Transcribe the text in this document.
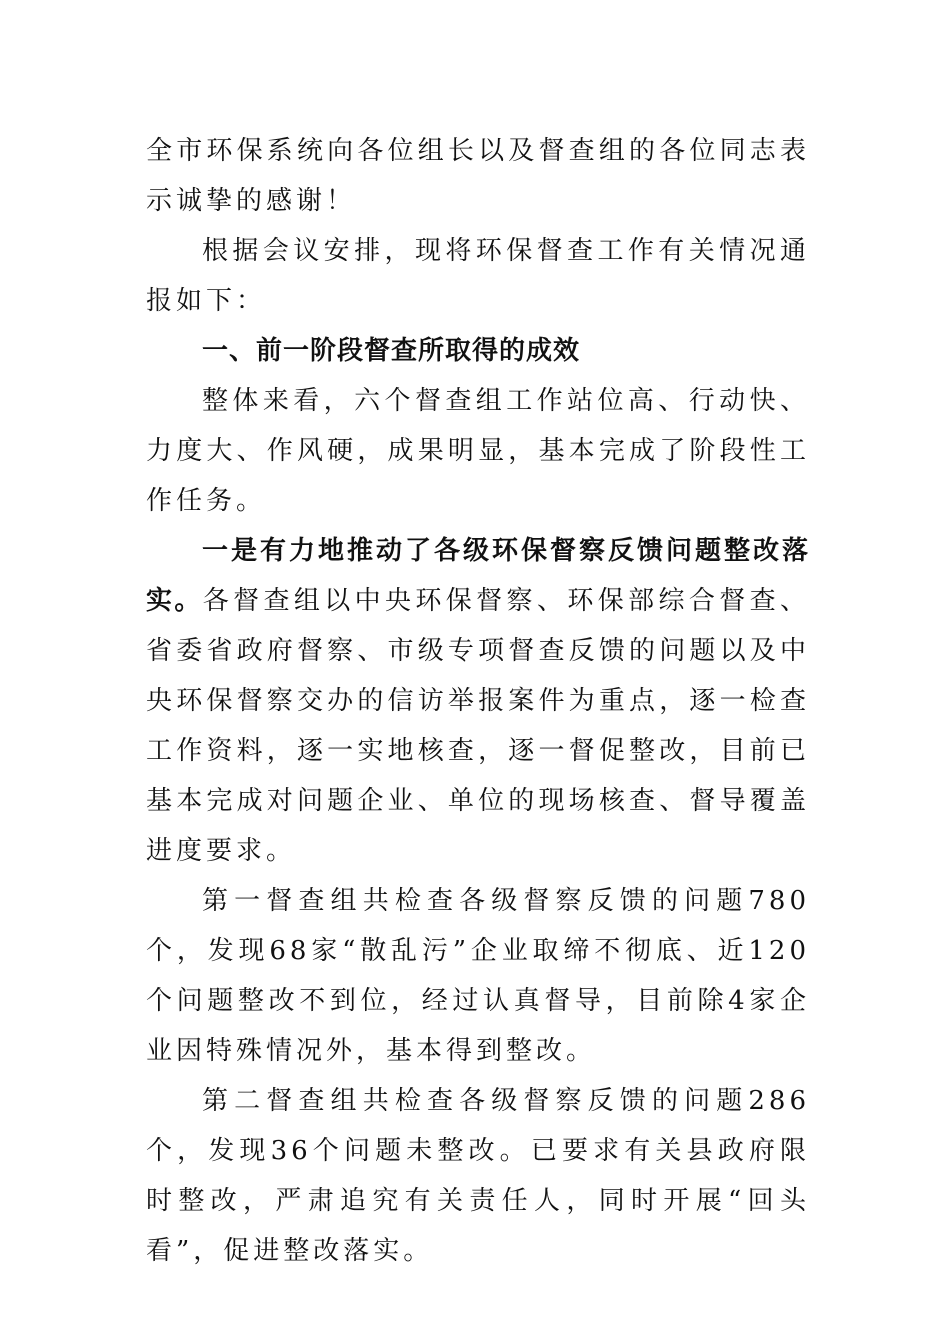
全市环保系统向各位组长以及督查组的各位同志表示诚挚的感谢！

根据会议安排，现将环保督查工作有关情况通报如下：

一、前一阶段督查所取得的成效

整体来看，六个督查组工作站位高、行动快、力度大、作风硬，成果明显，基本完成了阶段性工作任务。

一是有力地推动了各级环保督察反馈问题整改落实。各督查组以中央环保督察、环保部综合督查、省委省政府督察、市级专项督查反馈的问题以及中央环保督察交办的信访举报案件为重点，逐一检查工作资料，逐一实地核查，逐一督促整改，目前已基本完成对问题企业、单位的现场核查、督导覆盖进度要求。

第一督查组共检查各级督察反馈的问题780个，发现68家“散乱污”企业取缔不彻底、近120个问题整改不到位，经过认真督导，目前除4家企业因特殊情况外，基本得到整改。

第二督查组共检查各级督察反馈的问题286个，发现36个问题未整改。已要求有关县政府限时整改，严肃追究有关责任人，同时开展“回头看”，促进整改落实。
